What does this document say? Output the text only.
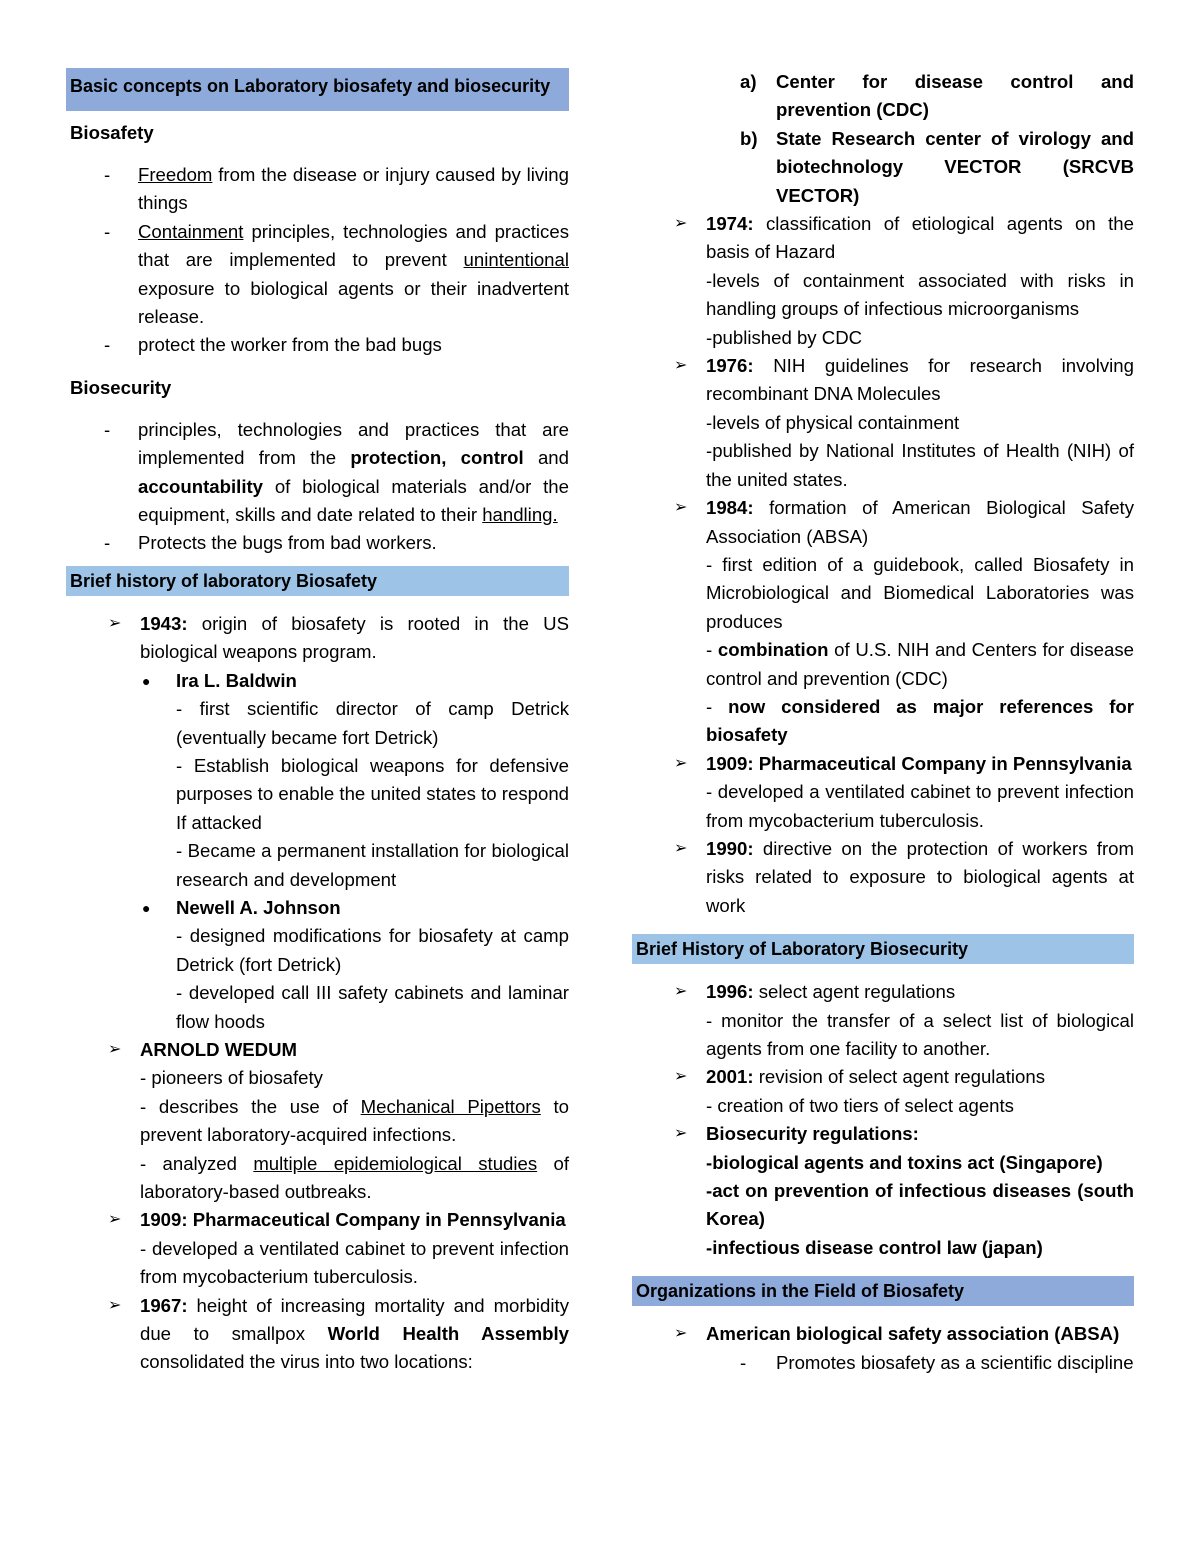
Basic concepts on Laboratory biosafety and biosecurity
Biosafety
-	Freedom from the disease or injury caused by living things
-	Containment principles, technologies and practices that are implemented to prevent unintentional exposure to biological agents or their inadvertent release.
-	protect the worker from the bad bugs
Biosecurity
-	principles, technologies and practices that are implemented from the protection, control and accountability of biological materials and/or the equipment, skills and date related to their handling.
-	Protects the bugs from bad workers.
Brief history of laboratory Biosafety
➢ 1943: origin of biosafety is rooted in the US biological weapons program.
●	Ira L. Baldwin
- first scientific director of camp Detrick (eventually became fort Detrick)
- Establish biological weapons for defensive purposes to enable the united states to respond If attacked
- Became a permanent installation for biological research and development
●	Newell A. Johnson
- designed modifications for biosafety at camp Detrick (fort Detrick)
- developed call III safety cabinets and laminar flow hoods
➢ ARNOLD WEDUM
- pioneers of biosafety
- describes the use of Mechanical Pipettors to prevent laboratory-acquired infections.
- analyzed multiple epidemiological studies of laboratory-based outbreaks.
➢ 1909: Pharmaceutical Company in Pennsylvania
- developed a ventilated cabinet to prevent infection from mycobacterium tuberculosis.
➢ 1967: height of increasing mortality and morbidity due to smallpox World Health Assembly consolidated the virus into two locations:
a)	Center for disease control and prevention (CDC)
b) State Research center of virology and biotechnology VECTOR (SRCVB VECTOR)
➢ 1974: classification of etiological agents on the basis of Hazard
-levels of containment associated with risks in handling groups of infectious microorganisms
-published by CDC
➢ 1976: NIH guidelines for research involving recombinant DNA Molecules
-levels of physical containment
-published by National Institutes of Health (NIH) of the united states.
➢ 1984: formation of American Biological Safety Association (ABSA)
- first edition of a guidebook, called Biosafety in Microbiological and Biomedical Laboratories was produces
- combination of U.S. NIH and Centers for disease control and prevention (CDC)
- now considered as major references for biosafety
➢ 1909: Pharmaceutical Company in Pennsylvania
- developed a ventilated cabinet to prevent infection from mycobacterium tuberculosis.
➢ 1990: directive on the protection of workers from risks related to exposure to biological agents at work
Brief History of Laboratory Biosecurity
➢ 1996: select agent regulations
- monitor the transfer of a select list of biological agents from one facility to another.
➢ 2001: revision of select agent regulations
- creation of two tiers of select agents
➢ Biosecurity regulations:
-biological agents and toxins act (Singapore)
-act on prevention of infectious diseases (south Korea)
-infectious disease control law (japan)
Organizations in the Field of Biosafety
➢ American biological safety association (ABSA)
-	Promotes biosafety as a scientific discipline
